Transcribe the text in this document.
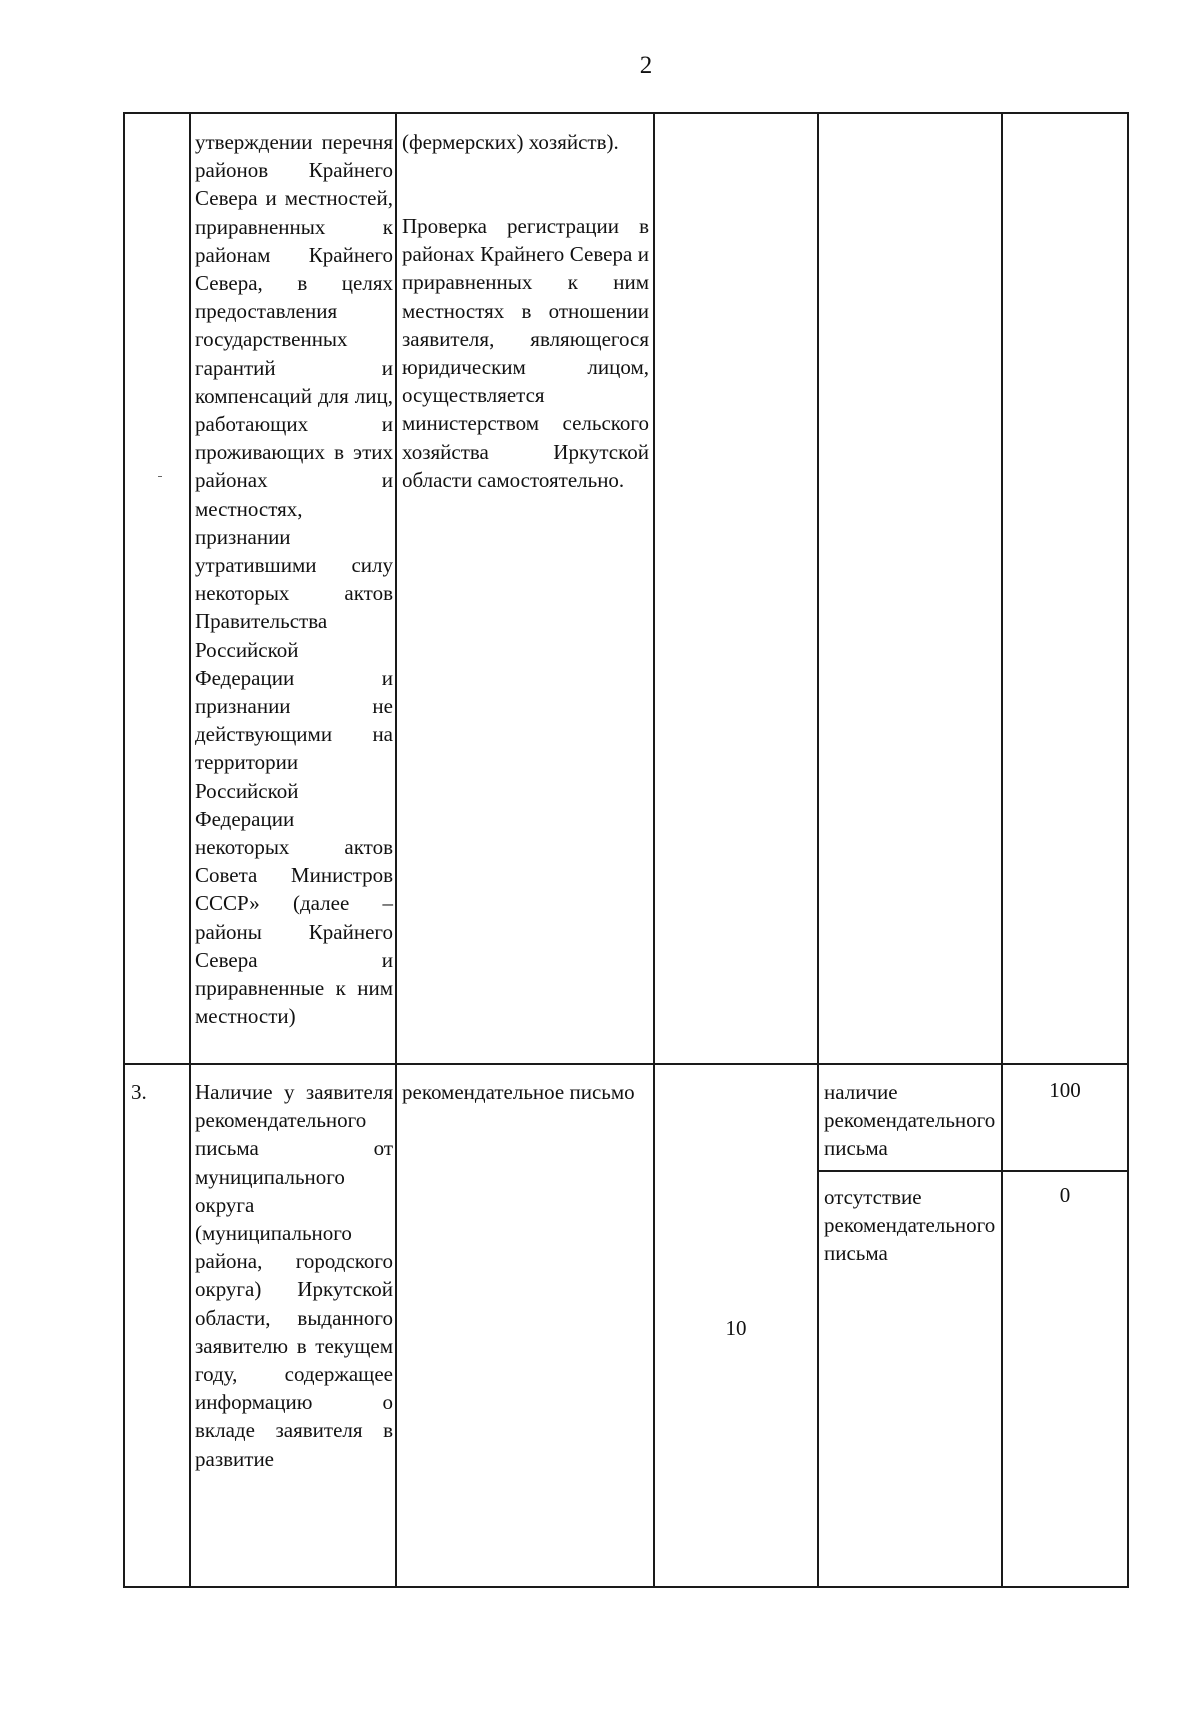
2
утверждении перечня районов Крайнего Севера и местностей, приравненных к районам Крайнего Севера, в целях предоставления государственных гарантий и компенсаций для лиц, работающих и проживающих в этих районах и местностях, признании утратившими силу некоторых актов Правительства Российской Федерации и признании не действующими на территории Российской Федерации некоторых актов Совета Министров СССР» (далее – районы Крайнего Севера и приравненные к ним местности)
(фермерских) хозяйств).
Проверка регистрации в районах Крайнего Севера и приравненных к ним местностях в отношении заявителя, являющегося юридическим лицом, осуществляется министерством сельского хозяйства Иркутской области самостоятельно.
3.	Наличие у заявителя рекомендательного письма от муниципального округа (муниципального района, городского округа) Иркутской области, выданного заявителю в текущем году, содержащее информацию о вкладе заявителя в развитие
рекомендательное письмо
10
наличие рекомендательного письма
100
отсутствие рекомендательного письма
0
